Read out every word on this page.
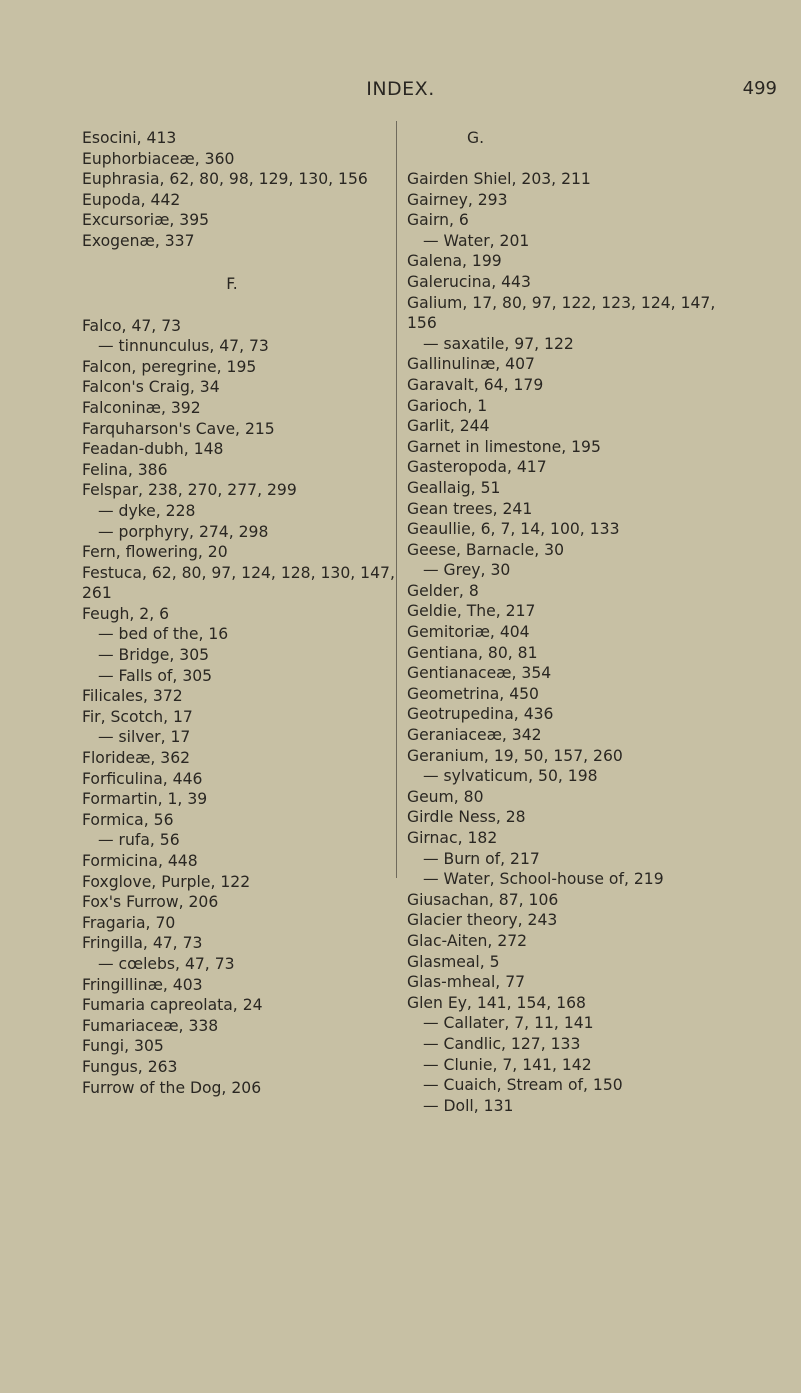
INDEX.	499
Esocini, 413
Euphorbiaceæ, 360
Euphrasia, 62, 80, 98, 129, 130, 156
Eupoda, 442
Excursoriæ, 395
Exogenæ, 337
F.
Falco, 47, 73
— tinnunculus, 47, 73
Falcon, peregrine, 195
Falcon's Craig, 34
Falconinæ, 392
Farquharson's Cave, 215
Feadan-dubh, 148
Felina, 386
Felspar, 238, 270, 277, 299
— dyke, 228
— porphyry, 274, 298
Fern, flowering, 20
Festuca, 62, 80, 97, 124, 128, 130, 147,
261
Feugh, 2, 6
— bed of the, 16
— Bridge, 305
— Falls of, 305
Filicales, 372
Fir, Scotch, 17
— silver, 17
Florideæ, 362
Forficulina, 446
Formartin, 1, 39
Formica, 56
— rufa, 56
Formicina, 448
Foxglove, Purple, 122
Fox's Furrow, 206
Fragaria, 70
Fringilla, 47, 73
— cœlebs, 47, 73
Fringillinæ, 403
Fumaria capreolata, 24
Fumariaceæ, 338
Fungi, 305
Fungus, 263
Furrow of the Dog, 206
G.
Gairden Shiel, 203, 211
Gairney, 293
Gairn, 6
— Water, 201
Galena, 199
Galerucina, 443
Galium, 17, 80, 97, 122, 123, 124, 147,
156
— saxatile, 97, 122
Gallinulinæ, 407
Garavalt, 64, 179
Garioch, 1
Garlit, 244
Garnet in limestone, 195
Gasteropoda, 417
Geallaig, 51
Gean trees, 241
Geaullie, 6, 7, 14, 100, 133
Geese, Barnacle, 30
— Grey, 30
Gelder, 8
Geldie, The, 217
Gemitoriæ, 404
Gentiana, 80, 81
Gentianaceæ, 354
Geometrina, 450
Geotrupedina, 436
Geraniaceæ, 342
Geranium, 19, 50, 157, 260
— sylvaticum, 50, 198
Geum, 80
Girdle Ness, 28
Girnac, 182
— Burn of, 217
— Water, School-house of, 219
Giusachan, 87, 106
Glacier theory, 243
Glac-Aiten, 272
Glasmeal, 5
Glas-mheal, 77
Glen Ey, 141, 154, 168
— Callater, 7, 11, 141
— Candlic, 127, 133
— Clunie, 7, 141, 142
— Cuaich, Stream of, 150
— Doll, 131
